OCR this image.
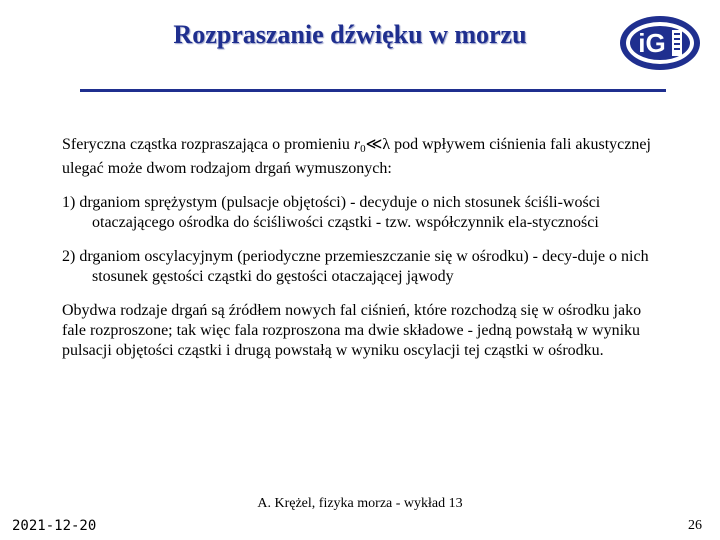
Rozpraszanie dźwięku w morzu	iG

Sferyczna cząstka rozpraszająca o promieniu $r_0≪\lambda$ pod wpływem ciśnienia fali akustycznej ulegać może dwom rodzajom drgań wymuszonych:

1) drganiom sprężystym (pulsacje objętości) - decyduje o nich stosunek ściśli-wości otaczającego ośrodka do ściśliwości cząstki - tzw. współczynnik ela-styczności

2) drganiom oscylacyjnym (periodyczne przemieszczanie się w ośrodku) - decy-duje o nich stosunek gęstości cząstki do gęstości otaczającej jąwody

Obydwa rodzaje drgań są źródłem nowych fal ciśnień, które rozchodzą się w ośrodku jako fale rozproszone; tak więc fala rozproszona ma dwie składowe - jedną powstałą w wyniku pulsacji objętości cząstki i drugą powstałą w wyniku oscylacji tej cząstki w ośrodku.

A. Krężel, fizyka morza - wykład 13
2021-12-20	26
